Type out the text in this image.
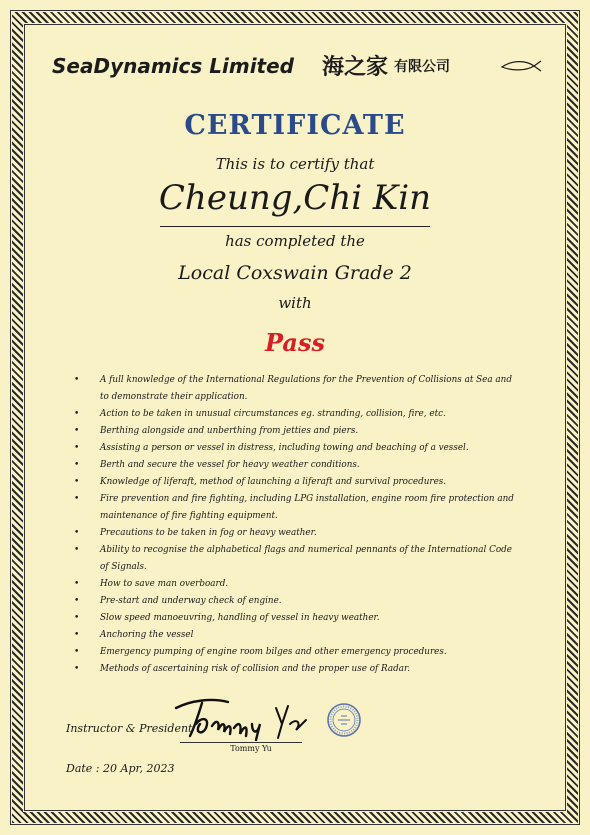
SeaDynamics Limited 海之家 有限公司
CERTIFICATE
This is to certify that
Cheung,Chi Kin
has completed the
Local Coxswain Grade 2
with
Pass
• A full knowledge of the International Regulations for the Prevention of Collisions at Sea and to demonstrate their application.
• Action to be taken in unusual circumstances eg. stranding, collision, fire, etc.
• Berthing alongside and unberthing from jetties and piers.
• Assisting a person or vessel in distress, including towing and beaching of a vessel.
• Berth and secure the vessel for heavy weather conditions.
• Knowledge of liferaft, method of launching a liferaft and survival procedures.
• Fire prevention and fire fighting, including LPG installation, engine room fire protection and maintenance of fire fighting equipment.
• Precautions to be taken in fog or heavy weather.
• Ability to recognise the alphabetical flags and numerical pennants of the International Code of Signals.
• How to save man overboard.
• Pre-start and underway check of engine.
• Slow speed manoeuvring, handling of vessel in heavy weather.
• Anchoring the vessel
• Emergency pumping of engine room bilges and other emergency procedures.
• Methods of ascertaining risk of collision and the proper use of Radar.
Instructor & President :
Tommy Yu
Date : 20 Apr, 2023
